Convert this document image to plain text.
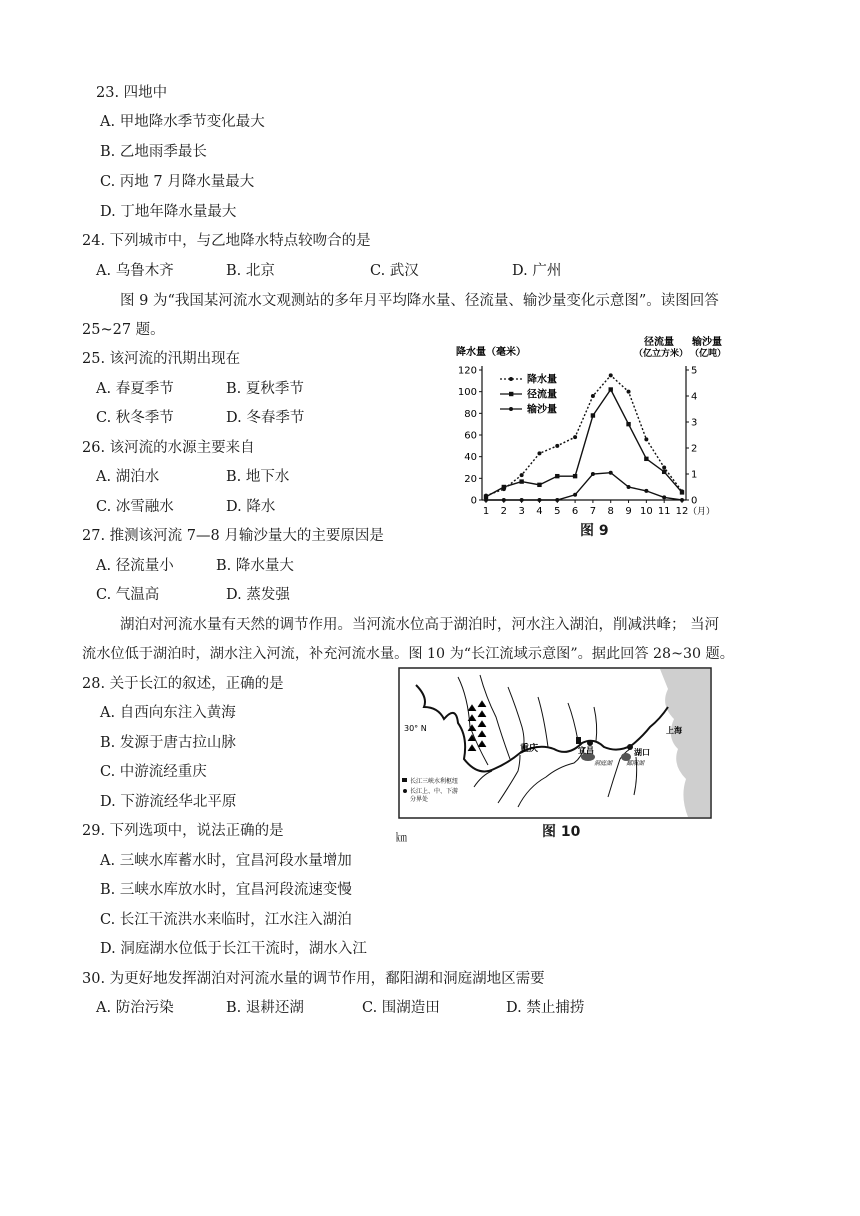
23. 四地中
A. 甲地降水季节变化最大
B. 乙地雨季最长
C. 丙地 7 月降水量最大
D. 丁地年降水量最大
24. 下列城市中，与乙地降水特点较吻合的是
A. 乌鲁木齐	B. 北京	C. 武汉	D. 广州
图 9 为“我国某河流水文观测站的多年月平均降水量、径流量、输沙量变化示意图”。读图回答
25~27 题。
25. 该河流的汛期出现在
A. 春夏季节	B. 夏秋季节
C. 秋冬季节	D. 冬春季节
26. 该河流的水源主要来自
A. 湖泊水	B. 地下水
C. 冰雪融水	D. 降水
27. 推测该河流 7—8 月输沙量大的主要原因是
A. 径流量小	B. 降水量大
C. 气温高	D. 蒸发强
湖泊对河流水量有天然的调节作用。当河流水位高于湖泊时，河水注入湖泊，削减洪峰； 当河
流水位低于湖泊时，湖水注入河流，补充河流水量。图 10 为“长江流域示意图”。据此回答 28~30 题。
28. 关于长江的叙述，正确的是
A. 自西向东注入黄海
B. 发源于唐古拉山脉
C. 中游流经重庆
D. 下游流经华北平原
29. 下列选项中，说法正确的是
A. 三峡水库蓄水时，宜昌河段水量增加
B. 三峡水库放水时，宜昌河段流速变慢
C. 长江干流洪水来临时，江水注入湖泊
D. 洞庭湖水位低于长江干流时，湖水入江
30. 为更好地发挥湖泊对河流水量的调节作用，鄱阳湖和洞庭湖地区需要
A. 防治污染	B. 退耕还湖	C. 围湖造田	D. 禁止捕捞
降水量（毫米）
径流量
（亿立方米）
输沙量
（亿吨）
0
20
40
60
80
100
120
0
1
2
3
4
5
1 2 3 4 5 6 7 8 9 10 11 12 （月）
降水量
径流量
输沙量
图 9
30° N
重庆	宜昌	湖口
上海
洞庭湖 鄱阳湖
长江三峡水利枢纽
长江上、中、下游
分界处
图 10
㎞
